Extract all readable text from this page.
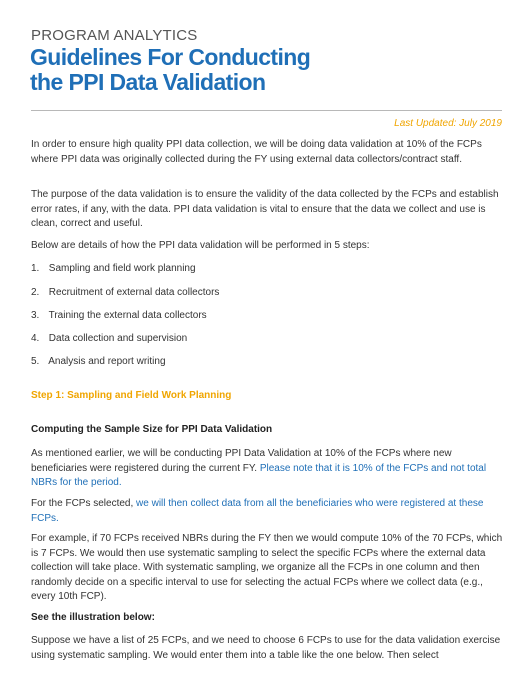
PROGRAM ANALYTICS
Guidelines For Conducting
the PPI Data Validation
Last Updated: July 2019

In order to ensure high quality PPI data collection, we will be doing data validation at 10% of the FCPs where PPI data was originally collected during the FY using external data collectors/contract staff.

The purpose of the data validation is to ensure the validity of the data collected by the FCPs and establish error rates, if any, with the data. PPI data validation is vital to ensure that the data we collect and use is clean, correct and useful.

Below are details of how the PPI data validation will be performed in 5 steps:

1. Sampling and field work planning
2. Recruitment of external data collectors
3. Training the external data collectors
4. Data collection and supervision
5. Analysis and report writing

Step 1: Sampling and Field Work Planning

Computing the Sample Size for PPI Data Validation

As mentioned earlier, we will be conducting PPI Data Validation at 10% of the FCPs where new beneficiaries were registered during the current FY. Please note that it is 10% of the FCPs and not total NBRs for the period.

For the FCPs selected, we will then collect data from all the beneficiaries who were registered at these FCPs.

For example, if 70 FCPs received NBRs during the FY then we would compute 10% of the 70 FCPs, which is 7 FCPs. We would then use systematic sampling to select the specific FCPs where the external data collection will take place. With systematic sampling, we organize all the FCPs in one column and then randomly decide on a specific interval to use for selecting the actual FCPs where we collect data (e.g., every 10th FCP).

See the illustration below:

Suppose we have a list of 25 FCPs, and we need to choose 6 FCPs to use for the data validation exercise using systematic sampling. We would enter them into a table like the one below. Then select
